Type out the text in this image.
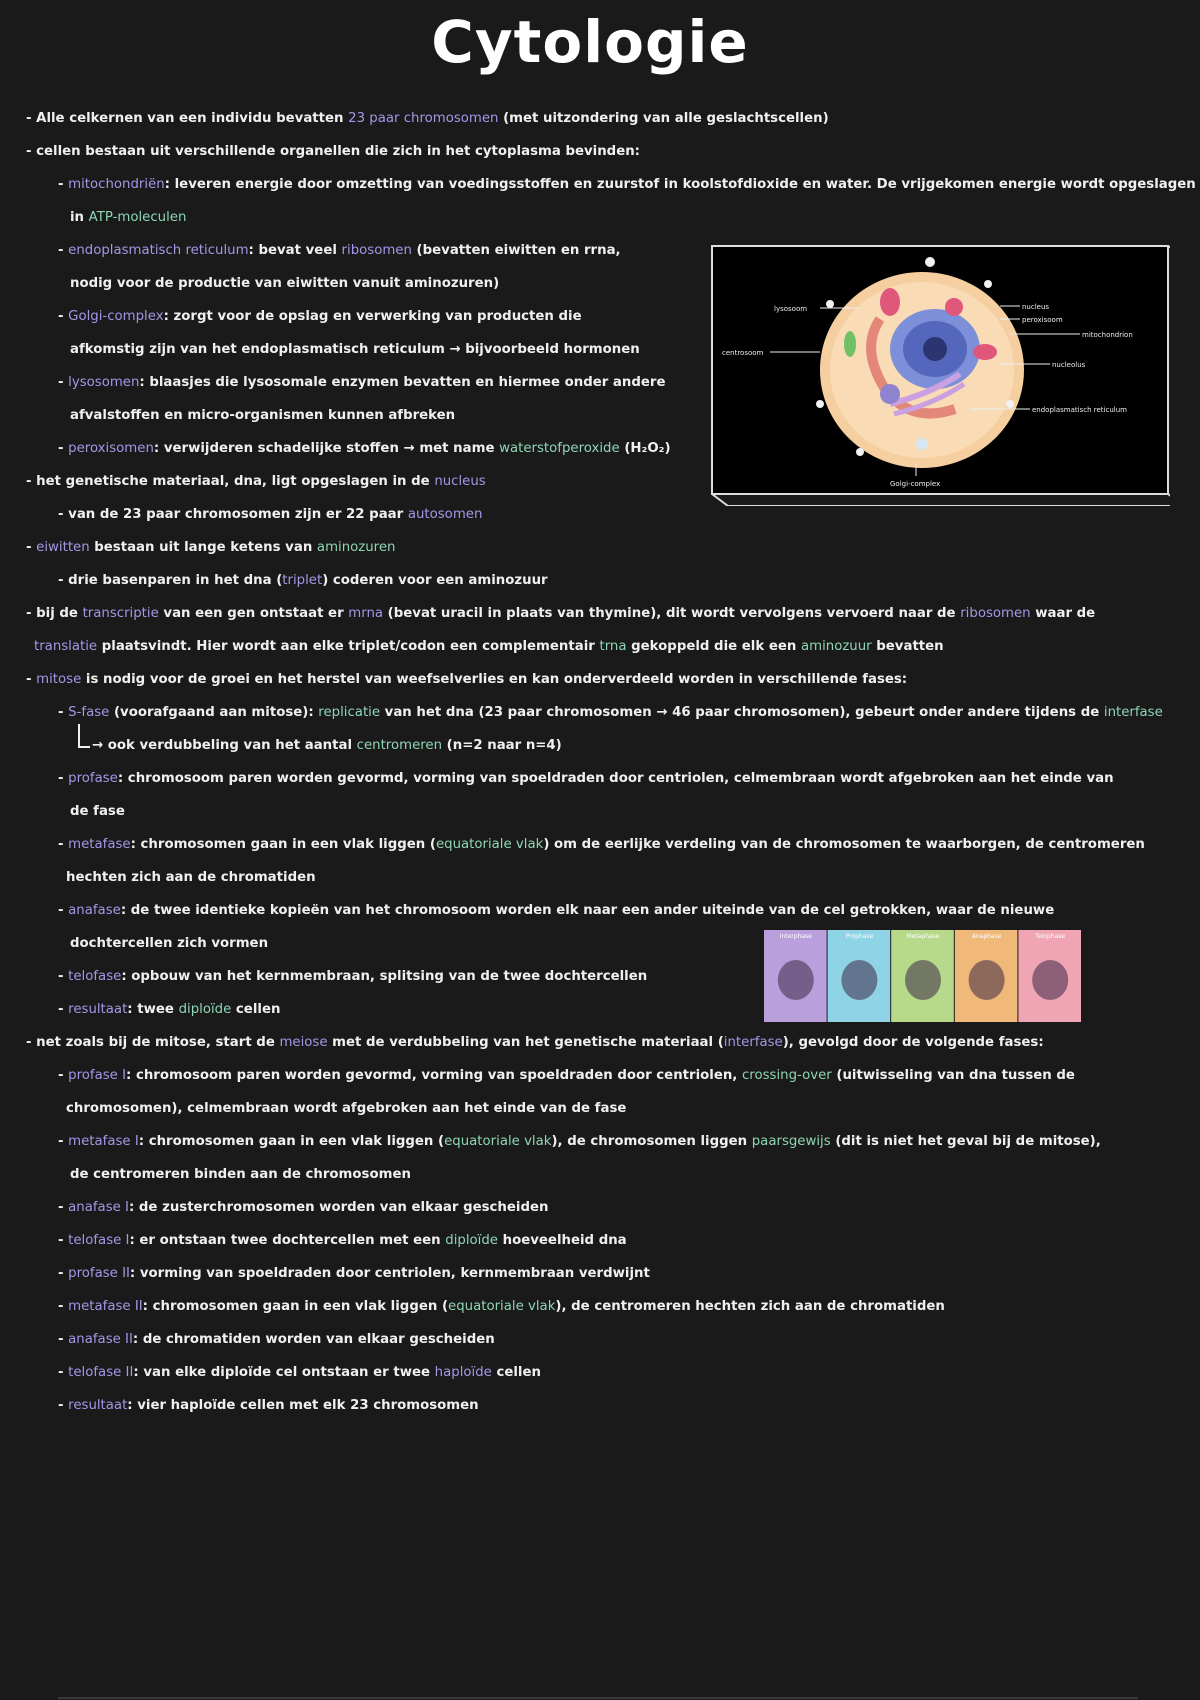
Cytologie
- Alle celkernen van een individu bevatten 23 paar chromosomen (met uitzondering van alle geslachtscellen)
- cellen bestaan uit verschillende organellen die zich in het cytoplasma bevinden:
- mitochondriën: leveren energie door omzetting van voedingsstoffen en zuurstof in koolstofdioxide en water. De vrijgekomen energie wordt opgeslagen
in ATP-moleculen
- endoplasmatisch reticulum: bevat veel ribosomen (bevatten eiwitten en rrna,
nodig voor de productie van eiwitten vanuit aminozuren)
- Golgi-complex: zorgt voor de opslag en verwerking van producten die
afkomstig zijn van het endoplasmatisch reticulum → bijvoorbeeld hormonen
- lysosomen: blaasjes die lysosomale enzymen bevatten en hiermee onder andere
afvalstoffen en micro-organismen kunnen afbreken
- peroxisomen: verwijderen schadelijke stoffen → met name waterstofperoxide (H₂O₂)
- het genetische materiaal, dna, ligt opgeslagen in de nucleus
- van de 23 paar chromosomen zijn er 22 paar autosomen
- eiwitten bestaan uit lange ketens van aminozuren
- drie basenparen in het dna (triplet) coderen voor een aminozuur
- bij de transcriptie van een gen ontstaat er mrna (bevat uracil in plaats van thymine), dit wordt vervolgens vervoerd naar de ribosomen waar de
translatie plaatsvindt. Hier wordt aan elke triplet/codon een complementair trna gekoppeld die elk een aminozuur bevatten
- mitose is nodig voor de groei en het herstel van weefselverlies en kan onderverdeeld worden in verschillende fases:
- S-fase (voorafgaand aan mitose): replicatie van het dna (23 paar chromosomen → 46 paar chromosomen), gebeurt onder andere tijdens de interfase
→ ook verdubbeling van het aantal centromeren (n=2 naar n=4)
- profase: chromosoom paren worden gevormd, vorming van spoeldraden door centriolen, celmembraan wordt afgebroken aan het einde van
de fase
- metafase: chromosomen gaan in een vlak liggen (equatoriale vlak) om de eerlijke verdeling van de chromosomen te waarborgen, de centromeren
hechten zich aan de chromatiden
- anafase: de twee identieke kopieën van het chromosoom worden elk naar een ander uiteinde van de cel getrokken, waar de nieuwe
dochtercellen zich vormen
- telofase: opbouw van het kernmembraan, splitsing van de twee dochtercellen
- resultaat: twee diploïde cellen
- net zoals bij de mitose, start de meiose met de verdubbeling van het genetische materiaal (interfase), gevolgd door de volgende fases:
- profase I: chromosoom paren worden gevormd, vorming van spoeldraden door centriolen, crossing-over (uitwisseling van dna tussen de
chromosomen), celmembraan wordt afgebroken aan het einde van de fase
- metafase I: chromosomen gaan in een vlak liggen (equatoriale vlak), de chromosomen liggen paarsgewijs (dit is niet het geval bij de mitose),
de centromeren binden aan de chromosomen
- anafase I: de zusterchromosomen worden van elkaar gescheiden
- telofase I: er ontstaan twee dochtercellen met een diploïde hoeveelheid dna
- profase II: vorming van spoeldraden door centriolen, kernmembraan verdwijnt
- metafase II: chromosomen gaan in een vlak liggen (equatoriale vlak), de centromeren hechten zich aan de chromatiden
- anafase II: de chromatiden worden van elkaar gescheiden
- telofase II: van elke diploïde cel ontstaan er twee haploïde cellen
- resultaat: vier haploïde cellen met elk 23 chromosomen
lysosoom
centrosoom
nucleus
peroxisoom
mitochondrion
nucleolus
endoplasmatisch reticulum
Golgi-complex
Interphase	Prophase	Metaphase	Anaphase	Telophase
